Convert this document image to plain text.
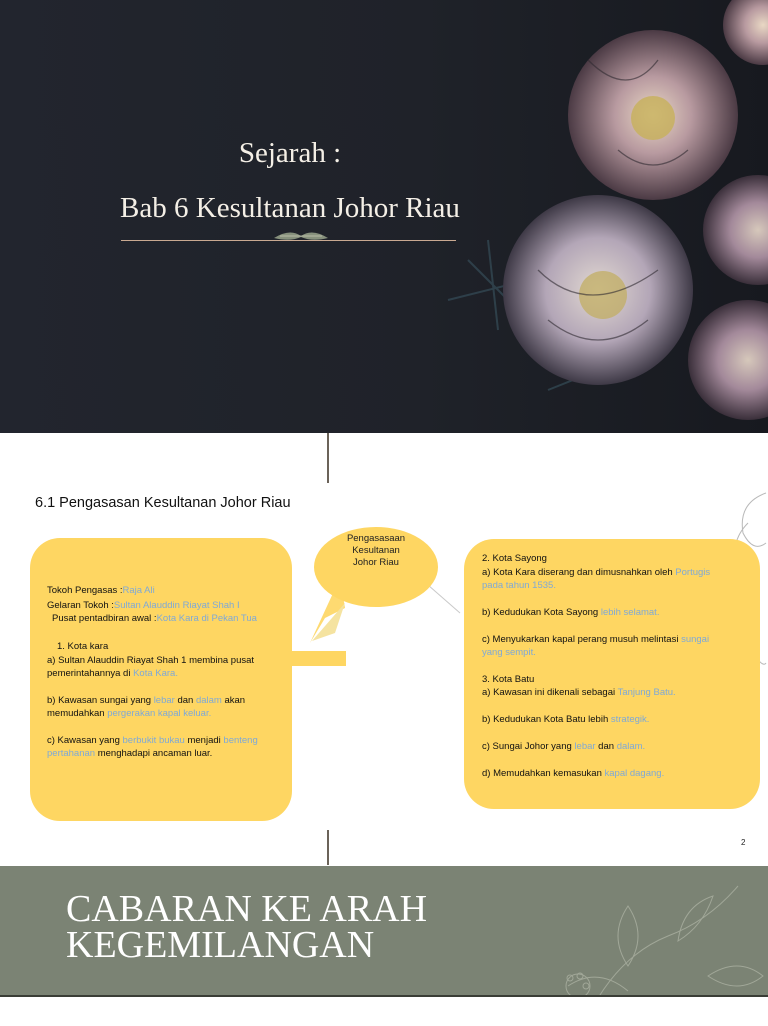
Sejarah :
Bab 6 Kesultanan Johor Riau
6.1 Pengasasan Kesultanan Johor Riau
Pengasasaan
Kesultanan
Johor Riau
Tokoh Pengasas :Raja Ali
Gelaran Tokoh :Sultan Alauddin Riayat Shah I
Pusat pentadbiran awal :Kota Kara di Pekan Tua
1. Kota kara
a) Sultan Alauddin Riayat Shah 1 membina pusat
pemerintahannya di Kota Kara.
b) Kawasan sungai yang lebar dan dalam akan
memudahkan pergerakan kapal keluar.
c) Kawasan yang berbukit bukau menjadi benteng
pertahanan menghadapi ancaman luar.
2. Kota Sayong
a) Kota Kara diserang dan dimusnahkan oleh Portugis
pada tahun 1535.
b) Kedudukan Kota Sayong lebih selamat.
c) Menyukarkan kapal perang musuh melintasi sungai
yang sempit.
3. Kota Batu
a) Kawasan ini dikenali sebagai Tanjung Batu.
b) Kedudukan Kota Batu lebih strategik.
c) Sungai Johor yang lebar dan dalam.
d) Memudahkan kemasukan kapal dagang.
2
CABARAN KE ARAH
KEGEMILANGAN
